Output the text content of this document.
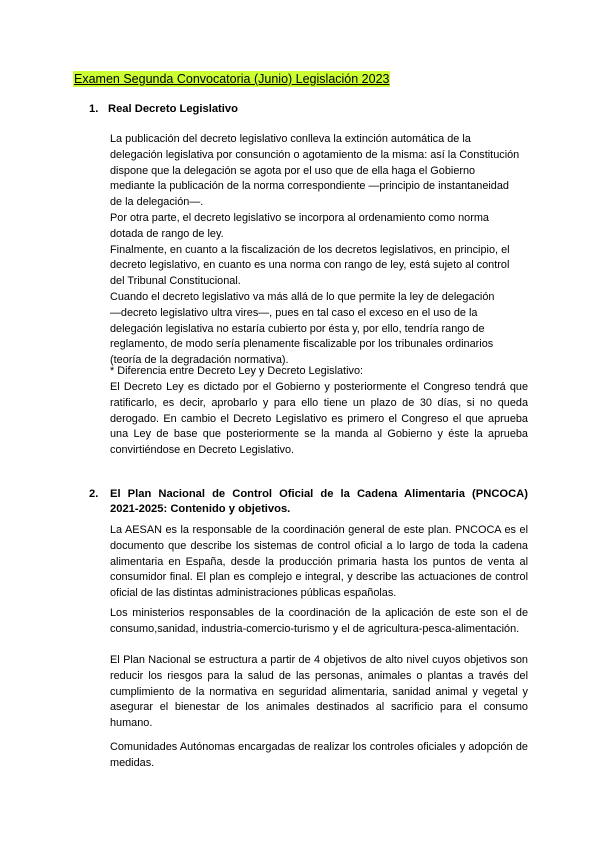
Examen Segunda Convocatoria (Junio) Legislación 2023
1. Real Decreto Legislativo
La publicación del decreto legislativo conlleva la extinción automática de la
delegación legislativa por consunción o agotamiento de la misma: así la Constitución
dispone que la delegación se agota por el uso que de ella haga el Gobierno
mediante la publicación de la norma correspondiente —principio de instantaneidad
de la delegación—.
Por otra parte, el decreto legislativo se incorpora al ordenamiento como norma
dotada de rango de ley.
Finalmente, en cuanto a la fiscalización de los decretos legislativos, en principio, el
decreto legislativo, en cuanto es una norma con rango de ley, está sujeto al control
del Tribunal Constitucional.
Cuando el decreto legislativo va más allá de lo que permite la ley de delegación
—decreto legislativo ultra vires—, pues en tal caso el exceso en el uso de la
delegación legislativa no estaría cubierto por ésta y, por ello, tendría rango de
reglamento, de modo sería plenamente fiscalizable por los tribunales ordinarios
(teoría de la degradación normativa).
* Diferencia entre Decreto Ley y Decreto Legislativo:
El Decreto Ley es dictado por el Gobierno y posteriormente el Congreso tendrá que ratificarlo, es decir, aprobarlo y para ello tiene un plazo de 30 días, si no queda derogado. En cambio el Decreto Legislativo es primero el Congreso el que aprueba una Ley de base que posteriormente se la manda al Gobierno y éste la aprueba convirtiéndose en Decreto Legislativo.
2. El Plan Nacional de Control Oficial de la Cadena Alimentaria (PNCOCA)
2021-2025: Contenido y objetivos.
La AESAN es la responsable de la coordinación general de este plan. PNCOCA es el documento que describe los sistemas de control oficial a lo largo de toda la cadena alimentaria en España, desde la producción primaria hasta los puntos de venta al consumidor final. El plan es complejo e integral, y describe las actuaciones de control oficial de las distintas administraciones públicas españolas.
Los ministerios responsables de la coordinación de la aplicación de este son el de consumo,sanidad, industria-comercio-turismo y el de agricultura-pesca-alimentación.
El Plan Nacional se estructura a partir de 4 objetivos de alto nivel cuyos objetivos son reducir los riesgos para la salud de las personas, animales o plantas a través del cumplimiento de la normativa en seguridad alimentaria, sanidad animal y vegetal y asegurar el bienestar de los animales destinados al sacrificio para el consumo humano.
Comunidades Autónomas encargadas de realizar los controles oficiales y adopción de medidas.
